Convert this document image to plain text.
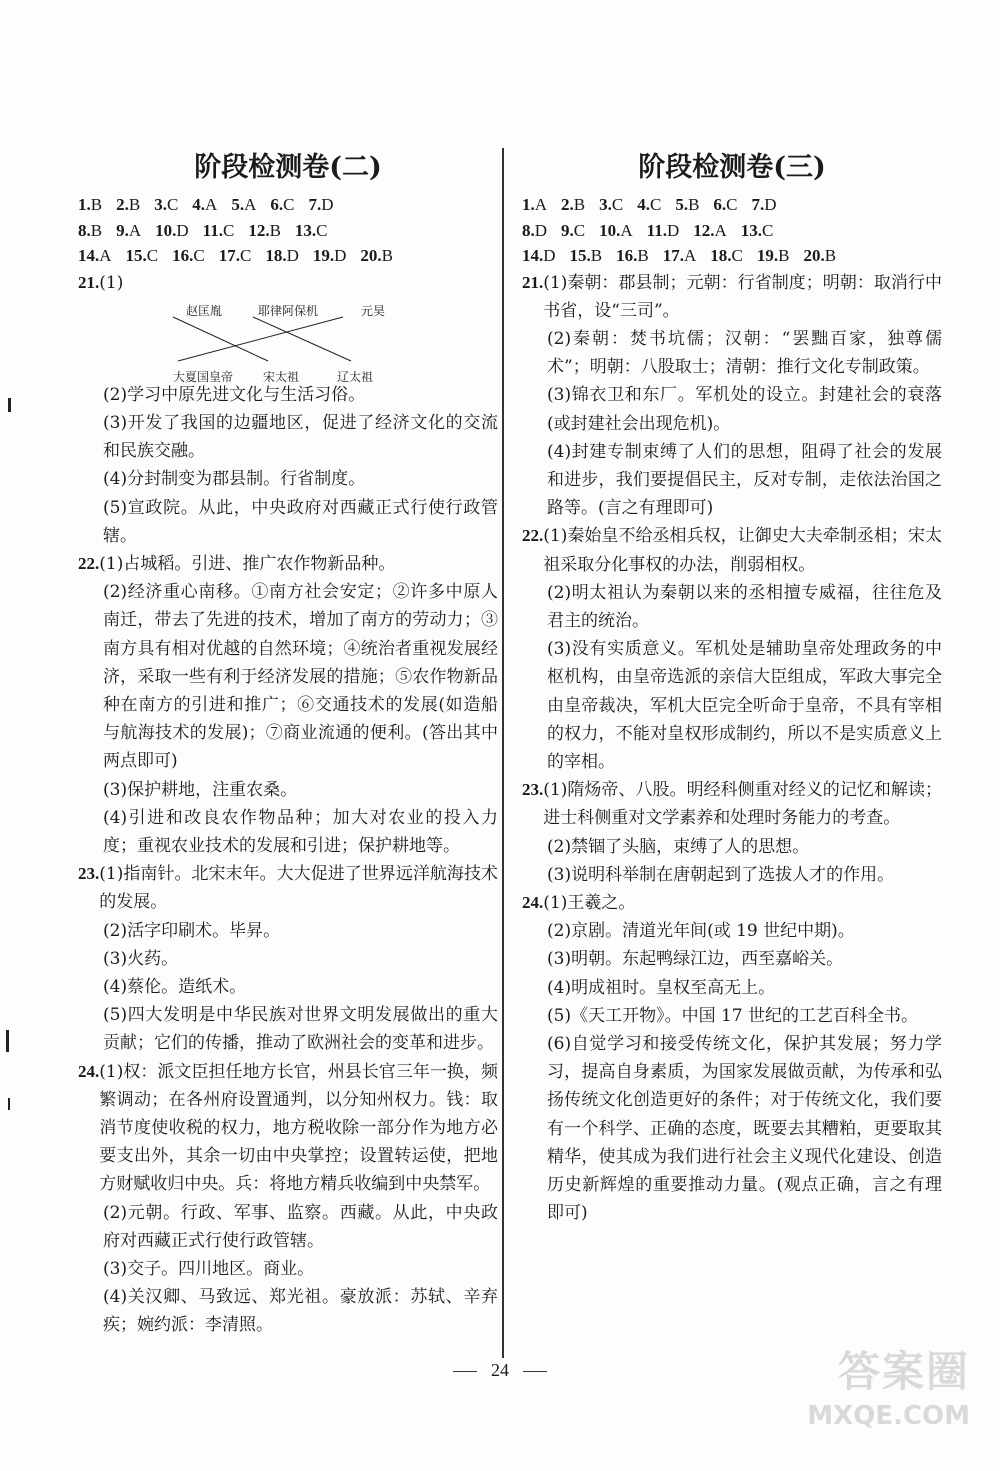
阶段检测卷(二)
1.B 2.B 3.C 4.A 5.A 6.C 7.D
8.B 9.A 10.D 11.C 12.B 13.C
14.A 15.C 16.C 17.C 18.D 19.D 20.B
21.(1)
赵匡胤	耶律阿保机	元昊
大夏国皇帝 宋太祖	辽太祖
(2)学习中原先进文化与生活习俗。
(3)开发了我国的边疆地区，促进了经济文化的交流和民族交融。
(4)分封制变为郡县制。行省制度。
(5)宣政院。从此，中央政府对西藏正式行使行政管辖。
22.(1)占城稻。引进、推广农作物新品种。
(2)经济重心南移。①南方社会安定；②许多中原人南迁，带去了先进的技术，增加了南方的劳动力；③南方具有相对优越的自然环境；④统治者重视发展经济，采取一些有利于经济发展的措施；⑤农作物新品种在南方的引进和推广；⑥交通技术的发展(如造船与航海技术的发展)；⑦商业流通的便利。(答出其中两点即可)
(3)保护耕地，注重农桑。
(4)引进和改良农作物品种；加大对农业的投入力度；重视农业技术的发展和引进；保护耕地等。
23. (1)指南针。北宋末年。大大促进了世界远洋航海技术的发展。
(2)活字印刷术。毕昇。
(3)火药。
(4)蔡伦。造纸术。
(5)四大发明是中华民族对世界文明发展做出的重大贡献；它们的传播，推动了欧洲社会的变革和进步。
24. (1)权：派文臣担任地方长官，州县长官三年一换，频繁调动；在各州府设置通判，以分知州权力。钱：取消节度使收税的权力，地方税收除一部分作为地方必要支出外，其余一切由中央掌控；设置转运使，把地方财赋收归中央。兵：将地方精兵收编到中央禁军。
(2)元朝。行政、军事、监察。西藏。从此，中央政府对西藏正式行使行政管辖。
(3)交子。四川地区。商业。
(4)关汉卿、马致远、郑光祖。豪放派：苏轼、辛弃疾；婉约派：李清照。
阶段检测卷(三)
1.A 2.B 3.C 4.C 5.B 6.C 7.D
8.D 9.C 10.A 11.D 12.A 13.C
14.D 15.B 16.B 17.A 18.C 19.B 20.B
21. (1)秦朝：郡县制；元朝：行省制度；明朝：取消行中书省，设“三司”。
(2)秦朝：焚书坑儒；汉朝：“罢黜百家，独尊儒术”；明朝：八股取士；清朝：推行文化专制政策。
(3)锦衣卫和东厂。军机处的设立。封建社会的衰落(或封建社会出现危机)。
(4)封建专制束缚了人们的思想，阻碍了社会的发展和进步，我们要提倡民主，反对专制，走依法治国之路等。(言之有理即可)
22. (1)秦始皇不给丞相兵权，让御史大夫牵制丞相；宋太祖采取分化事权的办法，削弱相权。
(2)明太祖认为秦朝以来的丞相擅专威福，往往危及君主的统治。
(3)没有实质意义。军机处是辅助皇帝处理政务的中枢机构，由皇帝选派的亲信大臣组成，军政大事完全由皇帝裁决，军机大臣完全听命于皇帝，不具有宰相的权力，不能对皇权形成制约，所以不是实质意义上的宰相。
23. (1)隋炀帝、八股。明经科侧重对经义的记忆和解读；进士科侧重对文学素养和处理时务能力的考查。
(2)禁锢了头脑，束缚了人的思想。
(3)说明科举制在唐朝起到了选拔人才的作用。
24. (1)王羲之。
(2)京剧。清道光年间(或 19 世纪中期)。
(3)明朝。东起鸭绿江边，西至嘉峪关。
(4)明成祖时。皇权至高无上。
(5)《天工开物》。中国 17 世纪的工艺百科全书。
(6)自觉学习和接受传统文化，保护其发展；努力学习，提高自身素质，为国家发展做贡献，为传承和弘扬传统文化创造更好的条件；对于传统文化，我们要有一个科学、正确的态度，既要去其糟粕，更要取其精华，使其成为我们进行社会主义现代化建设、创造历史新辉煌的重要推动力量。(观点正确，言之有理即可)
24	答案圈
MXQE.COM
